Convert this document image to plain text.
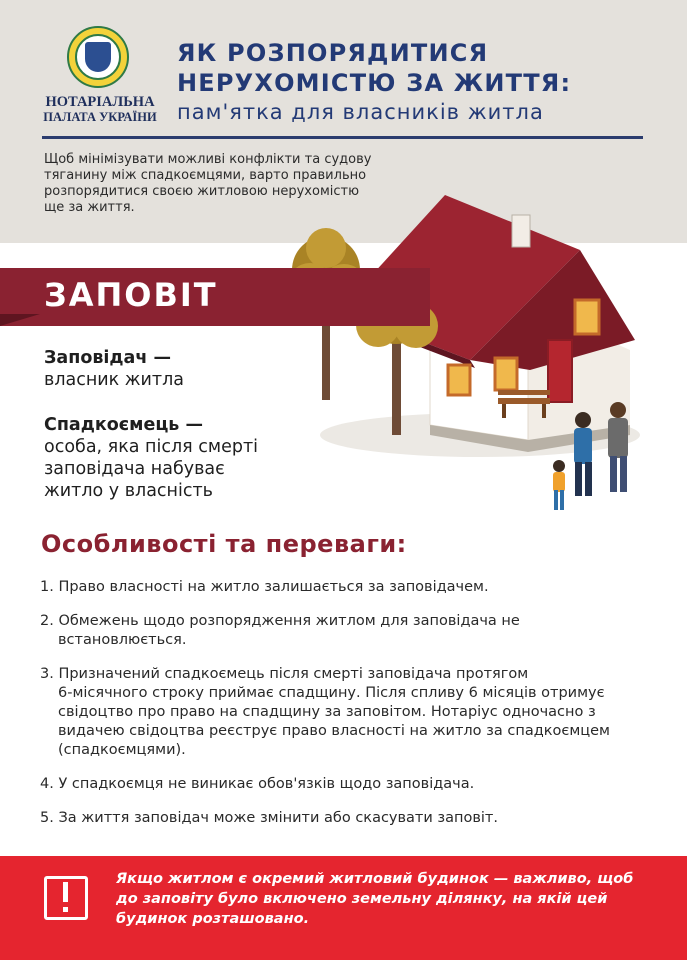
НОТАРІАЛЬНА
ПАЛАТА УКРАЇНИ
ЯК РОЗПОРЯДИТИСЯ
НЕРУХОМІСТЮ ЗА ЖИТТЯ:
пам'ятка для власників житла
Щоб мінімізувати можливі конфлікти та судову тяганину між спадкоємцями, варто правильно розпорядитися своєю житловою нерухомістю ще за життя.
ЗАПОВІТ
Заповідач —
власник житла
Спадкоємець —
особа, яка після смерті
заповідача набуває
житло у власність
Особливості та переваги:
1. Право власності на житло залишається за заповідачем.
2. Обмежень щодо розпорядження житлом для заповідача не
встановлюється.
3. Призначений спадкоємець після смерті заповідача протягом
6-місячного строку приймає спадщину. Після спливу 6 місяців отримує свідоцтво про право на спадщину за заповітом. Нотаріус одночасно з видачею свідоцтва реєструє право власності на житло за спадкоємцем (спадкоємцями).
4. У спадкоємця не виникає обов'язків щодо заповідача.
5. За життя заповідач може змінити або скасувати заповіт.
Якщо житлом є окремий житловий будинок — важливо, щоб до заповіту було включено земельну ділянку, на якій цей будинок розташовано.
